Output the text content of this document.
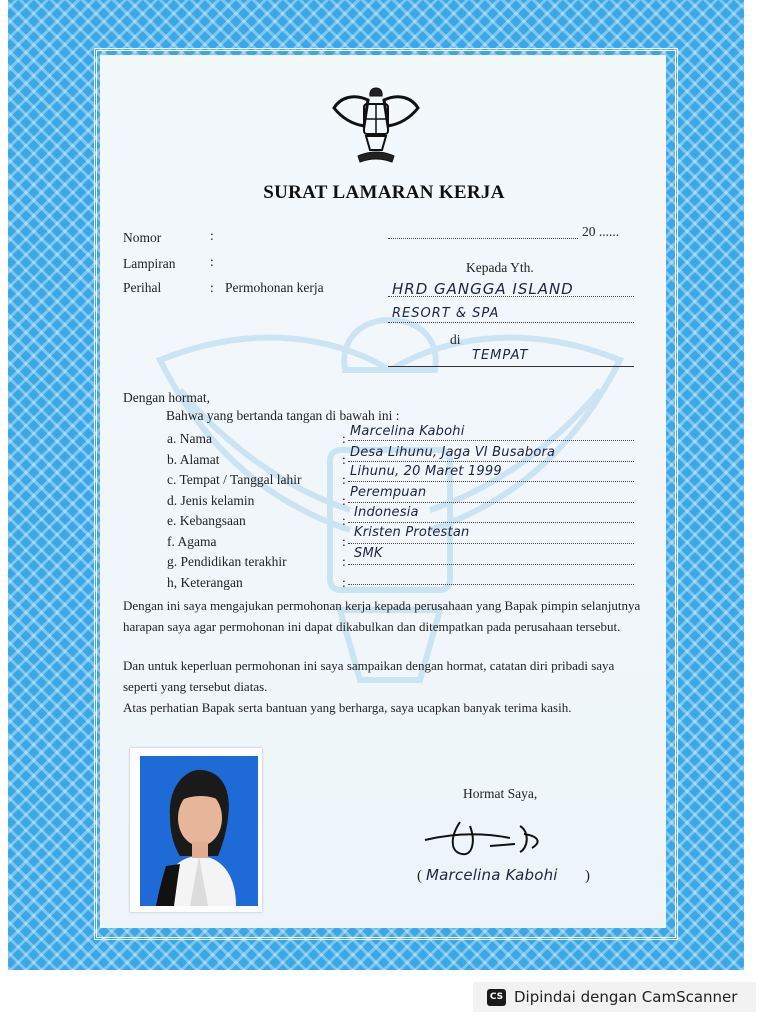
SURAT LAMARAN KERJA
Nomor	:
Lampiran	:
Perihal	: Permohonan kerja
20 ......
Kepada Yth.
HRD GANGGA ISLAND
RESORT & SPA
di
TEMPAT
Dengan hormat,
Bahwa yang bertanda tangan di bawah ini :
a. Nama	: Marcelina Kabohi
b. Alamat	: Desa Lihunu, Jaga VI Busabora
c. Tempat / Tanggal lahir	:
Lihunu, 20 Maret 1999
d. Jenis kelamin	:
Perempuan
e. Kebangsaan	:
Indonesia
f. Agama	:
Kristen Protestan
g. Pendidikan terakhir	:
SMK
h, Keterangan	:
Dengan ini saya mengajukan permohonan kerja kepada perusahaan yang Bapak pimpin selanjutnya harapan saya agar permohonan ini dapat dikabulkan dan ditempatkan pada perusahaan tersebut.
Dan untuk keperluan permohonan ini saya sampaikan dengan hormat, catatan diri pribadi saya seperti yang tersebut diatas.
Atas perhatian Bapak serta bantuan yang berharga, saya ucapkan banyak terima kasih.
Hormat Saya,
( Marcelina Kabohi )
CS Dipindai dengan CamScanner
